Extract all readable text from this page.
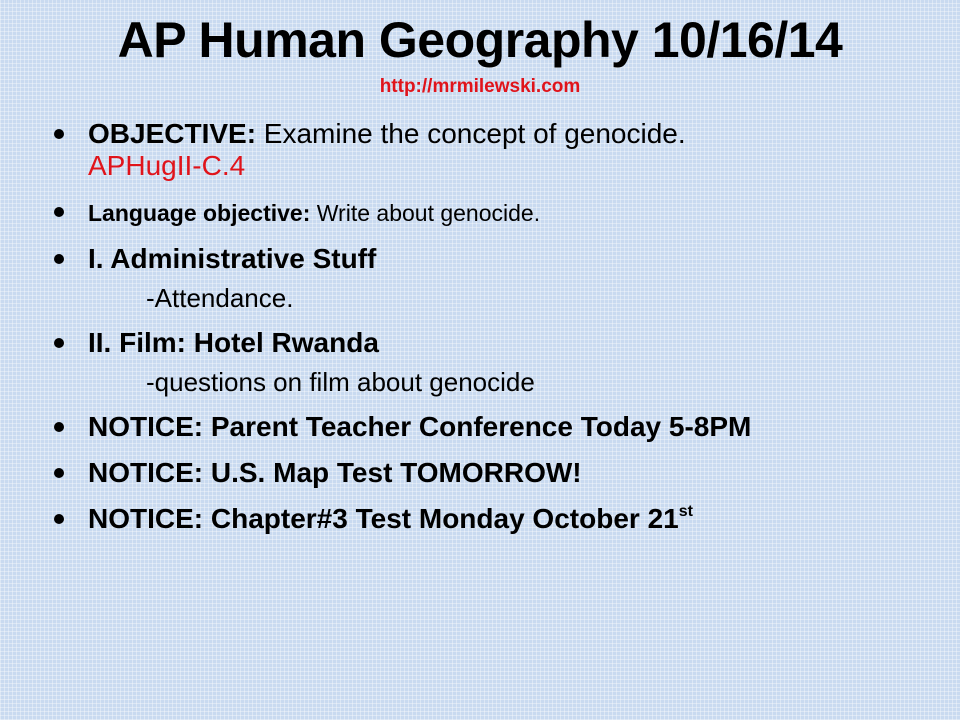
AP Human Geography 10/16/14
http://mrmilewski.com
OBJECTIVE: Examine the concept of genocide.
APHugII-C.4
Language objective: Write about genocide.
I. Administrative Stuff
-Attendance.
II. Film: Hotel Rwanda
-questions on film about genocide
NOTICE: Parent Teacher Conference Today 5-8PM
NOTICE: U.S. Map Test TOMORROW!
NOTICE: Chapter#3 Test Monday October 21st
